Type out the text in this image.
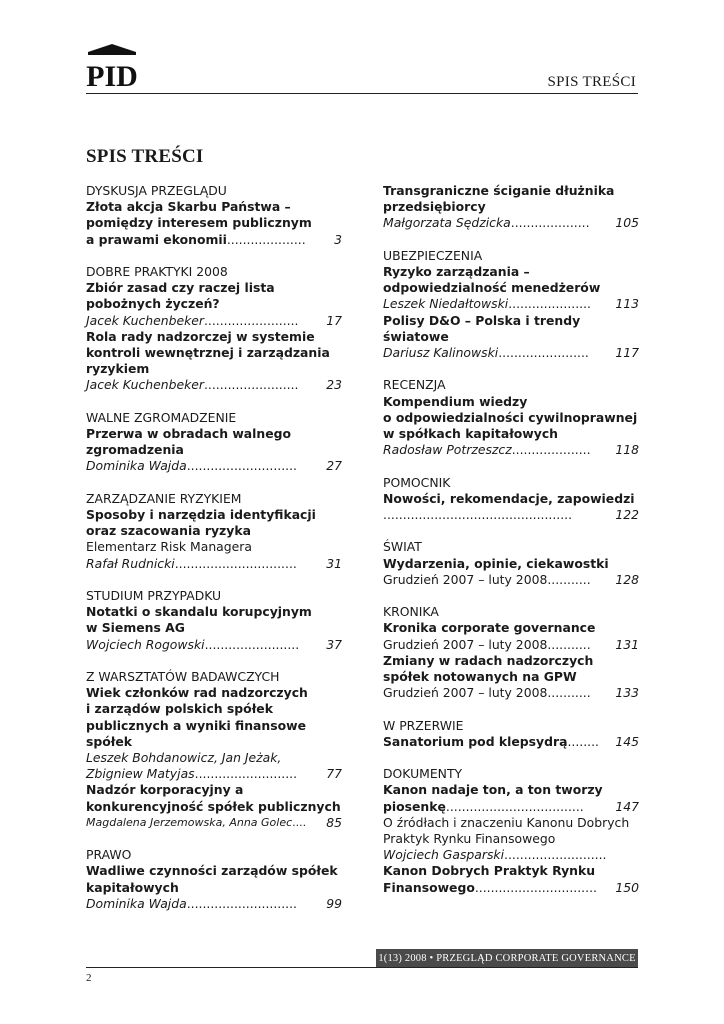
PID	SPIS TREŚCI
SPIS TREŚCI
DYSKUSJA PRZEGLĄDU
Złota akcja Skarbu Państwa –
pomiędzy interesem publicznym
a prawami ekonomii ....................	3
DOBRE PRAKTYKI 2008
Zbiór zasad czy raczej lista
pobożnych życzeń?
Jacek Kuchenbeker ........................	17
Rola rady nadzorczej w systemie
kontroli wewnętrznej i zarządzania
ryzykiem
Jacek Kuchenbeker ........................	23
WALNE ZGROMADZENIE
Przerwa w obradach walnego
zgromadzenia
Dominika Wajda ............................	27
ZARZĄDZANIE RYZYKIEM
Sposoby i narzędzia identyfikacji
oraz szacowania ryzyka
Elementarz Risk Managera
Rafał Rudnicki ...............................	31
STUDIUM PRZYPADKU
Notatki o skandalu korupcyjnym
w Siemens AG
Wojciech Rogowski ........................	37
Z WARSZTATÓW BADAWCZYCH
Wiek członków rad nadzorczych
i zarządów polskich spółek
publicznych a wyniki finansowe
spółek
Leszek Bohdanowicz, Jan Jeżak,
Zbigniew Matyjas ..........................	77
Nadzór korporacyjny a
konkurencyjność spółek publicznych
Magdalena Jerzemowska, Anna Golec ....	85
PRAWO
Wadliwe czynności zarządów spółek
kapitałowych
Dominika Wajda ............................	99
Transgraniczne ściganie dłużnika
przedsiębiorcy
Małgorzata Sędzicka ....................	105
UBEZPIECZENIA
Ryzyko zarządzania –
odpowiedzialność menedżerów
Leszek Niedałtowski .....................	113
Polisy D&O – Polska i trendy
światowe
Dariusz Kalinowski .......................	117
RECENZJA
Kompendium wiedzy
o odpowiedzialności cywilnoprawnej
w spółkach kapitałowych
Radosław Potrzeszcz ....................	118
POMOCNIK
Nowości, rekomendacje, zapowiedzi
................................................	122
ŚWIAT
Wydarzenia, opinie, ciekawostki
Grudzień 2007 – luty 2008 ...........	128
KRONIKA
Kronika corporate governance
Grudzień 2007 – luty 2008 ...........	131
Zmiany w radach nadzorczych
spółek notowanych na GPW
Grudzień 2007 – luty 2008 ...........	133
W PRZERWIE
Sanatorium pod klepsydrą ........	145
DOKUMENTY
Kanon nadaje ton, a ton tworzy
piosenkę ...................................	147
O źródłach i znaczeniu Kanonu Dobrych
Praktyk Rynku Finansowego
Wojciech Gasparski ..........................
Kanon Dobrych Praktyk Rynku
Finansowego ...............................	150
1(13) 2008 • PRZEGLĄD CORPORATE GOVERNANCE
2
